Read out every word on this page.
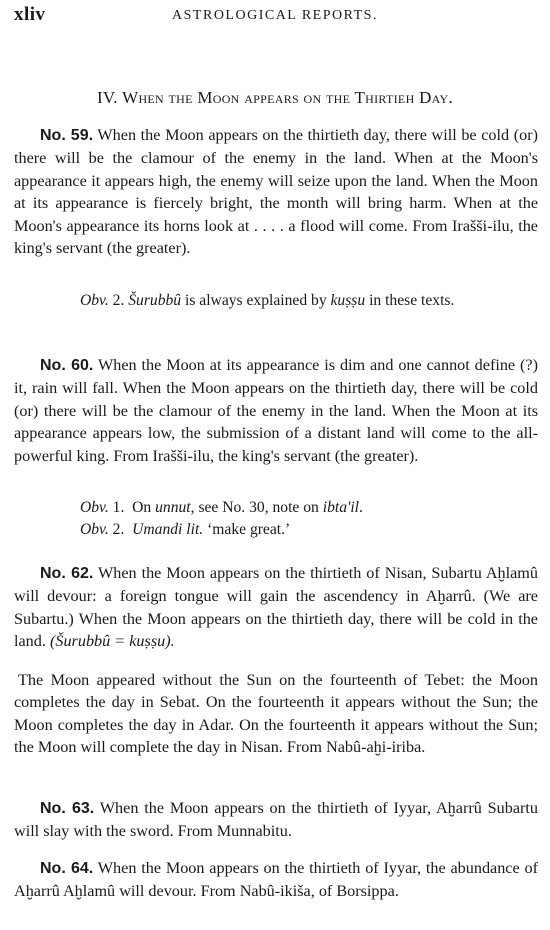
xliv	ASTROLOGICAL REPORTS.
IV. When the Moon appears on the Thirtieh Day.
No. 59. When the Moon appears on the thirtieth day, there will be cold (or) there will be the clamour of the enemy in the land. When at the Moon's appearance it appears high, the enemy will seize upon the land. When the Moon at its appearance is fiercely bright, the month will bring harm. When at the Moon's appearance its horns look at . . . . a flood will come. From Irašši-ilu, the king's servant (the greater).
Obv. 2. Šurubbû is always explained by kuṣṣu in these texts.
No. 60. When the Moon at its appearance is dim and one cannot define (?) it, rain will fall. When the Moon appears on the thirtieth day, there will be cold (or) there will be the clamour of the enemy in the land. When the Moon at its appearance appears low, the submission of a distant land will come to the all-powerful king. From Irašši-ilu, the king's servant (the greater).
Obv. 1. On unnut, see No. 30, note on ibta'il.
Obv. 2. Umandi lit. ‘make great.’
No. 62. When the Moon appears on the thirtieth of Nisan, Subartu Aḫlamû will devour: a foreign tongue will gain the ascendency in Aḫarrû. (We are Subartu.) When the Moon appears on the thirtieth day, there will be cold in the land. (Šurubbû = kuṣṣu).
The Moon appeared without the Sun on the fourteenth of Tebet: the Moon completes the day in Sebat. On the fourteenth it appears without the Sun; the Moon completes the day in Adar. On the fourteenth it appears without the Sun; the Moon will complete the day in Nisan. From Nabû-aḫi-iriba.
No. 63. When the Moon appears on the thirtieth of Iyyar, Aḫarrû Subartu will slay with the sword. From Munnabitu.
No. 64. When the Moon appears on the thirtieth of Iyyar, the abundance of Aḫarrû Aḫlamû will devour. From Nabû-ikiša, of Borsippa.
